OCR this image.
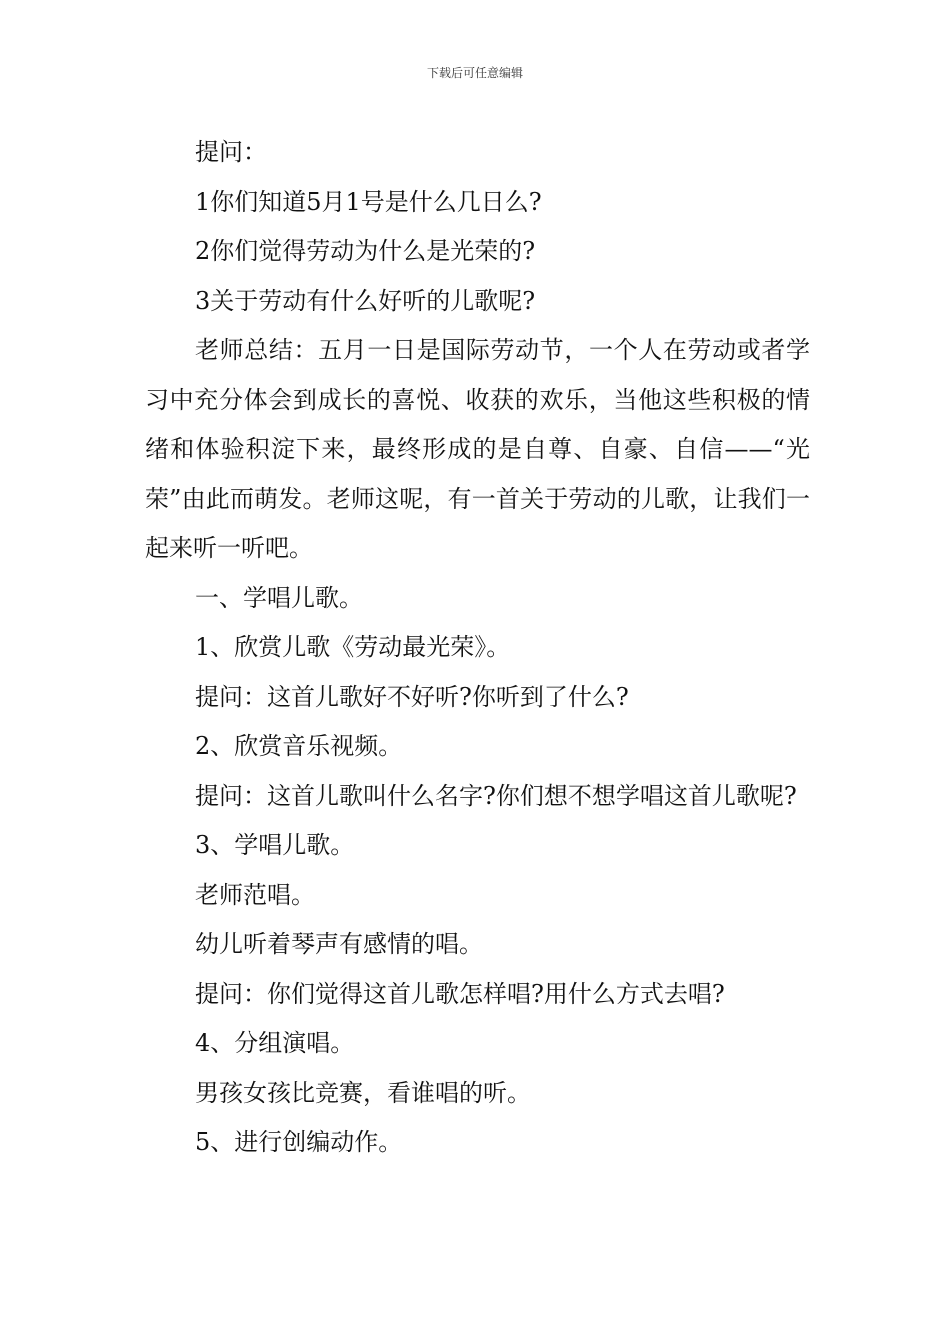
下载后可任意编辑

提问：

1你们知道5月1号是什么几日么?

2你们觉得劳动为什么是光荣的?

3关于劳动有什么好听的儿歌呢?

老师总结：五月一日是国际劳动节，一个人在劳动或者学习中充分体会到成长的喜悦、收获的欢乐，当他这些积极的情绪和体验积淀下来，最终形成的是自尊、自豪、自信——“光荣”由此而萌发。老师这呢，有一首关于劳动的儿歌，让我们一起来听一听吧。

一、学唱儿歌。

1、欣赏儿歌《劳动最光荣》。

提问：这首儿歌好不好听?你听到了什么?

2、欣赏音乐视频。

提问：这首儿歌叫什么名字?你们想不想学唱这首儿歌呢?

3、学唱儿歌。

老师范唱。

幼儿听着琴声有感情的唱。

提问：你们觉得这首儿歌怎样唱?用什么方式去唱?

4、分组演唱。

男孩女孩比竞赛，看谁唱的听。

5、进行创编动作。
